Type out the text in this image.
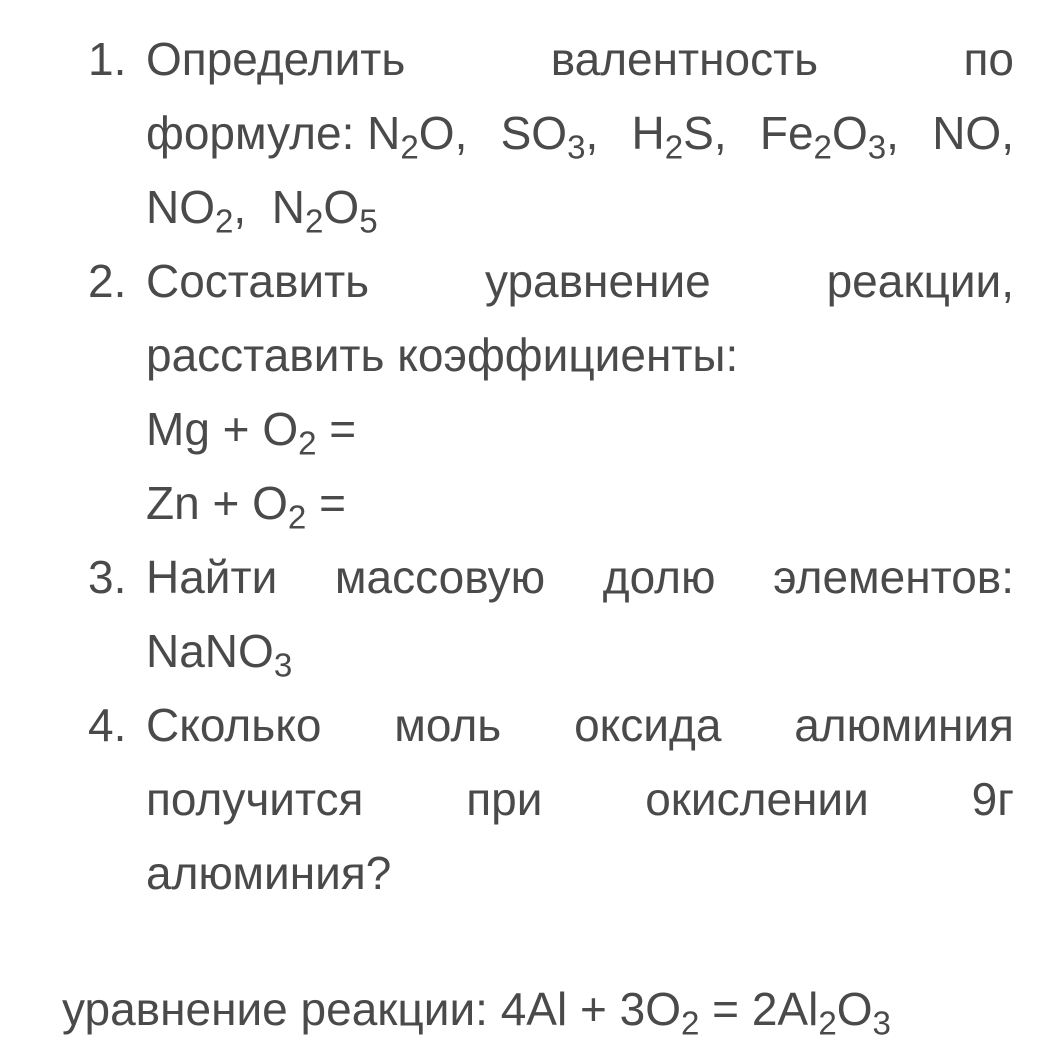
1. Определить	валентность	по
формуле: $N_2O$, $SO_3$, $H_2S$, $Fe_2O_3$, NO,
$NO_2$, $N_2O_5$
2. Составить	уравнение	реакции,
расставить коэффициенты:
$Mg + O_2$ =
$Zn + O_2$ =
3. Найти массовую долю элементов:
NaNO$_3$
4. Сколько моль оксида алюминия
получится при окислении 9г
алюминия?
уравнение реакции: $4Al + 3O_2 = 2Al_2O_3$
